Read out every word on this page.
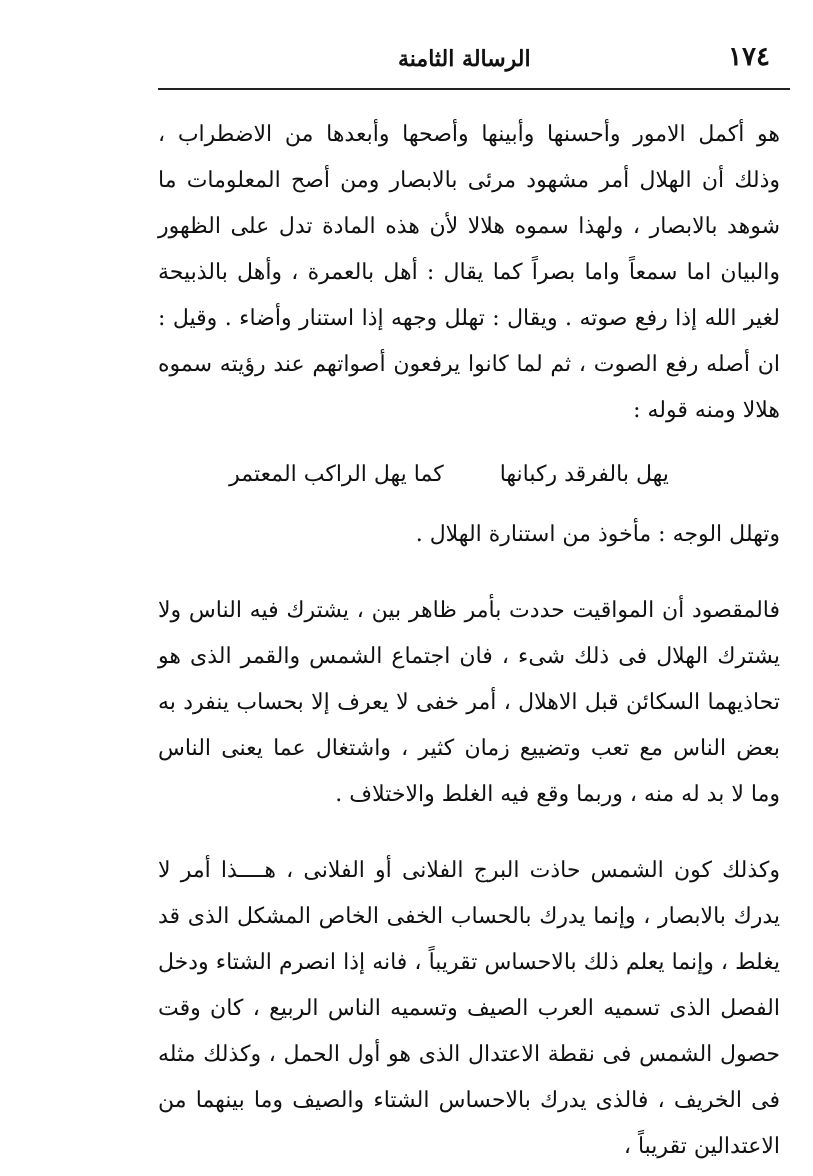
١٧٤
الرسالة الثامنة

هو أكمل الامور وأحسنها وأبينها وأصحها وأبعدها من الاضطراب ، وذلك أن الهلال أمر مشهود مرئى بالابصار ومن أصح المعلومات ما شوهد بالابصار ، ولهذا سموه هلالا لأن هذه المادة تدل على الظهور والبيان اما سمعاً واما بصراً كما يقال : أهل بالعمرة ، وأهل بالذبيحة لغير الله إذا رفع صوته . ويقال : تهلل وجهه إذا استنار وأضاء . وقيل : ان أصله رفع الصوت ، ثم لما كانوا يرفعون أصواتهم عند رؤيته سموه هلالا ومنه قوله :

يهل بالفرقد ركبانها
كما يهل الراكب المعتمر

وتهلل الوجه : مأخوذ من استنارة الهلال .

فالمقصود أن المواقيت حددت بأمر ظاهر بين ، يشترك فيه الناس ولا يشترك الهلال فى ذلك شىء ، فان اجتماع الشمس والقمر الذى هو تحاذيهما السكائن قبل الاهلال ، أمر خفى لا يعرف إلا بحساب ينفرد به بعض الناس مع تعب وتضييع زمان كثير ، واشتغال عما يعنى الناس وما لا بد له منه ، وربما وقع فيه الغلط والاختلاف .

وكذلك كون الشمس حاذت البرج الفلانى أو الفلانى ، هــــذا أمر لا يدرك بالابصار ، وإنما يدرك بالحساب الخفى الخاص المشكل الذى قد يغلط ، وإنما يعلم ذلك بالاحساس تقريباً ، فانه إذا انصرم الشتاء ودخل الفصل الذى تسميه العرب الصيف وتسميه الناس الربيع ، كان وقت حصول الشمس فى نقطة الاعتدال الذى هو أول الحمل ، وكذلك مثله فى الخريف ، فالذى يدرك بالاحساس الشتاء والصيف وما بينهما من الاعتدالين تقريباً ،
